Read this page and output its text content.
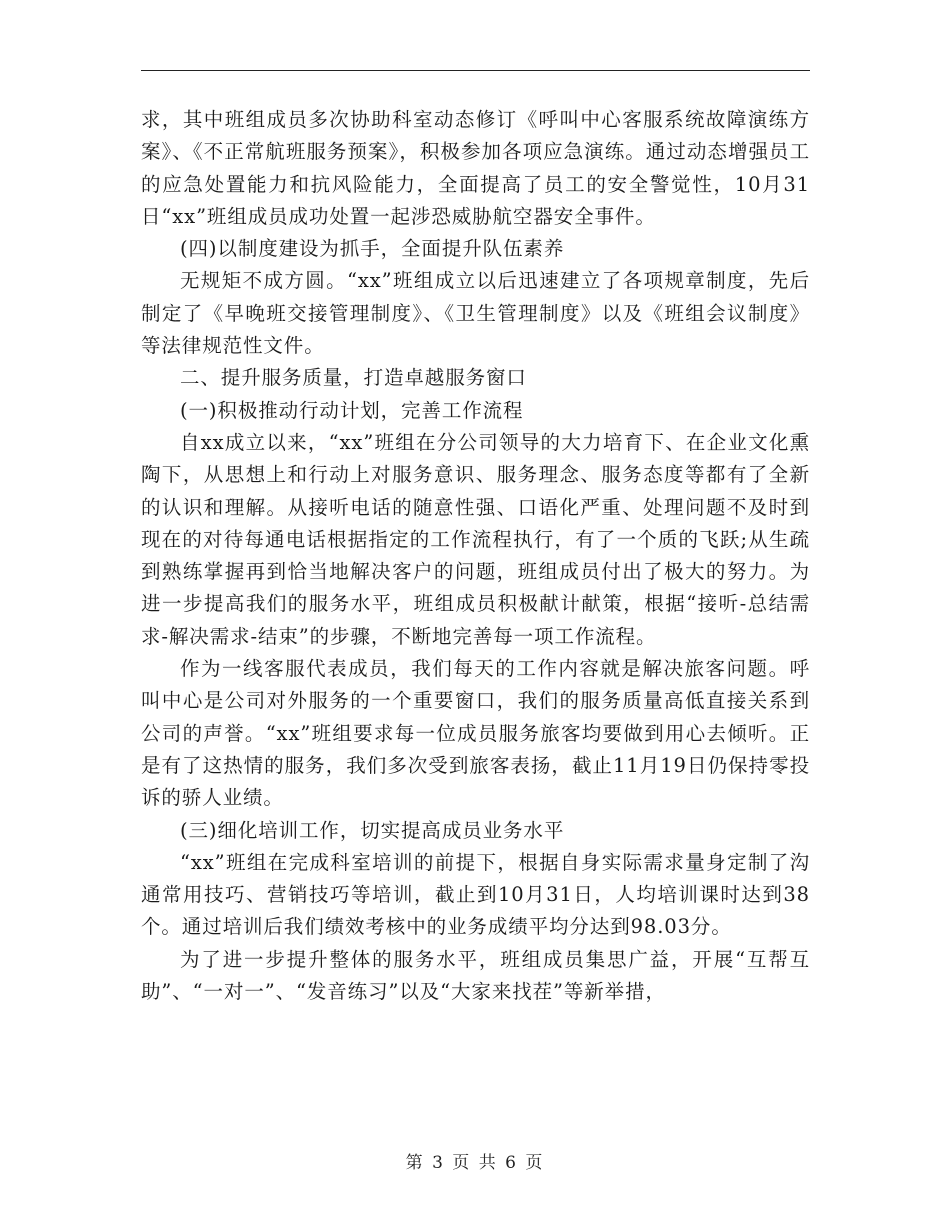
求，其中班组成员多次协助科室动态修订《呼叫中心客服系统故障演练方案》、《不正常航班服务预案》，积极参加各项应急演练。通过动态增强员工的应急处置能力和抗风险能力，全面提高了员工的安全警觉性，10月31日“xx”班组成员成功处置一起涉恐威胁航空器安全事件。

(四)以制度建设为抓手，全面提升队伍素养

无规矩不成方圆。“xx”班组成立以后迅速建立了各项规章制度，先后制定了《早晚班交接管理制度》、《卫生管理制度》以及《班组会议制度》等法律规范性文件。

二、提升服务质量，打造卓越服务窗口

(一)积极推动行动计划，完善工作流程

自xx成立以来，“xx”班组在分公司领导的大力培育下、在企业文化熏陶下，从思想上和行动上对服务意识、服务理念、服务态度等都有了全新的认识和理解。从接听电话的随意性强、口语化严重、处理问题不及时到现在的对待每通电话根据指定的工作流程执行，有了一个质的飞跃;从生疏到熟练掌握再到恰当地解决客户的问题，班组成员付出了极大的努力。为进一步提高我们的服务水平，班组成员积极献计献策，根据“接听-总结需求-解决需求-结束”的步骤，不断地完善每一项工作流程。

作为一线客服代表成员，我们每天的工作内容就是解决旅客问题。呼叫中心是公司对外服务的一个重要窗口，我们的服务质量高低直接关系到公司的声誉。“xx”班组要求每一位成员服务旅客均要做到用心去倾听。正是有了这热情的服务，我们多次受到旅客表扬，截止11月19日仍保持零投诉的骄人业绩。

(三)细化培训工作，切实提高成员业务水平

“xx”班组在完成科室培训的前提下，根据自身实际需求量身定制了沟通常用技巧、营销技巧等培训，截止到10月31日，人均培训课时达到38个。通过培训后我们绩效考核中的业务成绩平均分达到98.03分。

为了进一步提升整体的服务水平，班组成员集思广益，开展“互帮互助”、“一对一”、“发音练习”以及“大家来找茬”等新举措，

第 3 页 共 6 页
